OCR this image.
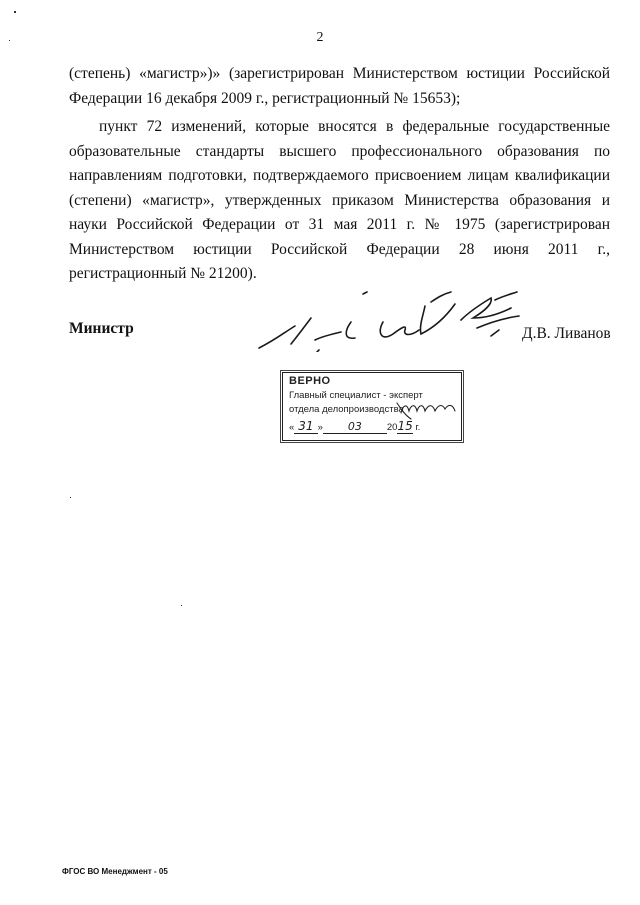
2
(степень) «магистр»)» (зарегистрирован Министерством юстиции Российской Федерации 16 декабря 2009 г., регистрационный № 15653);
пункт 72 изменений, которые вносятся в федеральные государственные образовательные стандарты высшего профессионального образования по направлениям подготовки, подтверждаемого присвоением лицам квалификации (степени) «магистр», утвержденных приказом Министерства образования и науки Российской Федерации от 31 мая 2011 г. № 1975 (зарегистрирован Министерством юстиции Российской Федерации 28 июня 2011 г., регистрационный № 21200).
Министр	Д.В. Ливанов
ВЕРНО
Главный специалист - эксперт
отдела делопроизводства
« 31 » 03	2015 г.
ФГОС ВО Менеджмент - 05
